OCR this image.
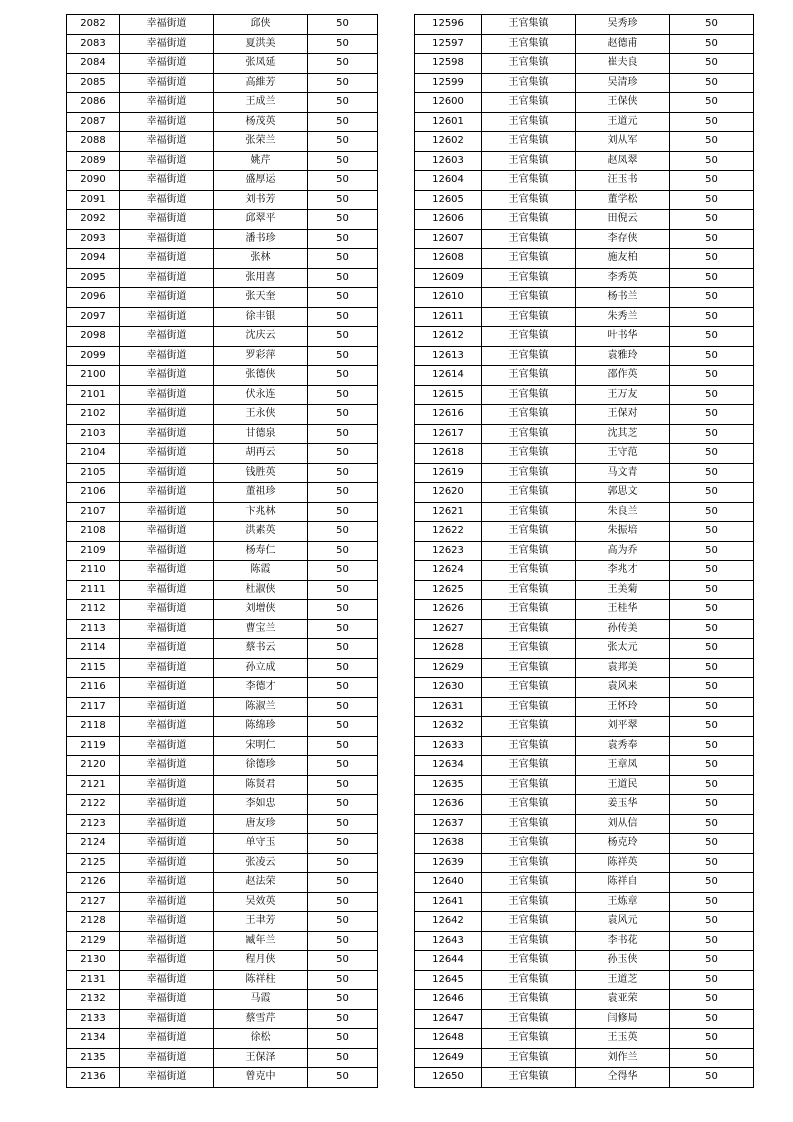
2082	幸福街道	邱侠	50
2083	幸福街道	夏洪美	50
2084	幸福街道	张凤延	50
2085	幸福街道	高維芳	50
2086	幸福街道	王成兰	50
2087	幸福街道	杨茂英	50
2088	幸福街道	张荣兰	50
2089	幸福街道	姚芹	50
2090	幸福街道	盛厚运	50
2091	幸福街道	刘书芳	50
2092	幸福街道	邱翠平	50
2093	幸福街道	潘书珍	50
2094	幸福街道	张林	50
2095	幸福街道	张用喜	50
2096	幸福街道	张天奎	50
2097	幸福街道	徐丰银	50
2098	幸福街道	沈庆云	50
2099	幸福街道	罗彩萍	50
2100	幸福街道	张德侠	50
2101	幸福街道	伏永连	50
2102	幸福街道	王永侠	50
2103	幸福街道	甘德泉	50
2104	幸福街道	胡再云	50
2105	幸福街道	钱胜英	50
2106	幸福街道	董祖珍	50
2107	幸福街道	卞兆林	50
2108	幸福街道	洪素英	50
2109	幸福街道	杨寿仁	50
2110	幸福街道	陈霞	50
2111	幸福街道	杜淑侠	50
2112	幸福街道	刘增侠	50
2113	幸福街道	曹宝兰	50
2114	幸福街道	蔡书云	50
2115	幸福街道	孙立成	50
2116	幸福街道	李德才	50
2117	幸福街道	陈淑兰	50
2118	幸福街道	陈绵珍	50
2119	幸福街道	宋明仁	50
2120	幸福街道	徐德珍	50
2121	幸福街道	陈贤君	50
2122	幸福街道	李如忠	50
2123	幸福街道	唐友珍	50
2124	幸福街道	单守玉	50
2125	幸福街道	张凌云	50
2126	幸福街道	赵法荣	50
2127	幸福街道	吴效英	50
2128	幸福街道	王聿芳	50
2129	幸福街道	臧年兰	50
2130	幸福街道	程月侠	50
2131	幸福街道	陈祥柱	50
2132	幸福街道	马霞	50
2133	幸福街道	蔡雪芹	50
2134	幸福街道	徐松	50
2135	幸福街道	王保泽	50
2136	幸福街道	曾克中	50
12596	王官集镇	吴秀珍	50
12597	王官集镇	赵德甫	50
12598	王官集镇	崔夫良	50
12599	王官集镇	吴清珍	50
12600	王官集镇	王保侠	50
12601	王官集镇	王道元	50
12602	王官集镇	刘从军	50
12603	王官集镇	赵凤翠	50
12604	王官集镇	汪玉书	50
12605	王官集镇	董学松	50
12606	王官集镇	田倪云	50
12607	王官集镇	李存侠	50
12608	王官集镇	施友柏	50
12609	王官集镇	李秀英	50
12610	王官集镇	杨书兰	50
12611	王官集镇	朱秀兰	50
12612	王官集镇	叶书华	50
12613	王官集镇	袁雅玲	50
12614	王官集镇	邵作英	50
12615	王官集镇	王万友	50
12616	王官集镇	王保对	50
12617	王官集镇	沈其芝	50
12618	王官集镇	王守范	50
12619	王官集镇	马文青	50
12620	王官集镇	郭思文	50
12621	王官集镇	朱良兰	50
12622	王官集镇	朱振培	50
12623	王官集镇	高为乔	50
12624	王官集镇	李兆才	50
12625	王官集镇	王美菊	50
12626	王官集镇	王桂华	50
12627	王官集镇	孙传美	50
12628	王官集镇	张太元	50
12629	王官集镇	袁邦美	50
12630	王官集镇	袁风来	50
12631	王官集镇	王怀玲	50
12632	王官集镇	刘平翠	50
12633	王官集镇	袁秀奉	50
12634	王官集镇	王章凤	50
12635	王官集镇	王道民	50
12636	王官集镇	姜玉华	50
12637	王官集镇	刘从信	50
12638	王官集镇	杨克玲	50
12639	王官集镇	陈祥英	50
12640	王官集镇	陈祥自	50
12641	王官集镇	王炼章	50
12642	王官集镇	袁风元	50
12643	王官集镇	李书花	50
12644	王官集镇	孙玉侠	50
12645	王官集镇	王道芝	50
12646	王官集镇	袁亚荣	50
12647	王官集镇	闫修局	50
12648	王官集镇	王玉英	50
12649	王官集镇	刘作兰	50
12650	王官集镇	仝得华	50
